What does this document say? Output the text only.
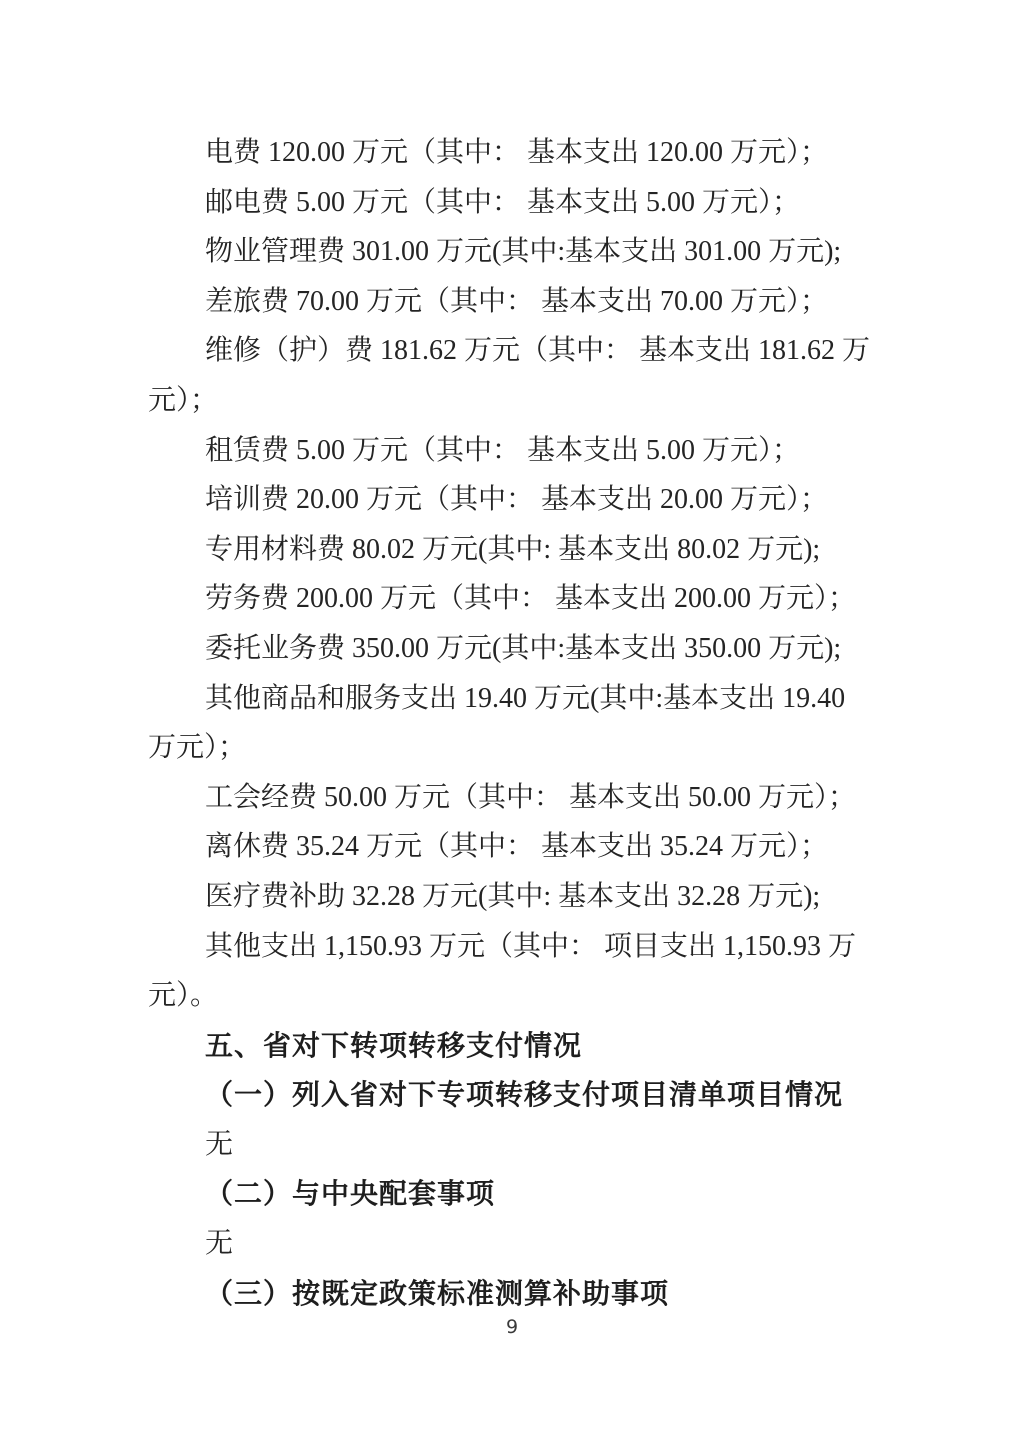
电费 120.00 万元（其中： 基本支出 120.00 万元）；
邮电费 5.00 万元（其中： 基本支出 5.00 万元）；
物业管理费 301.00 万元(其中:基本支出 301.00 万元);
差旅费 70.00 万元（其中： 基本支出 70.00 万元）；
维修（护）费 181.62 万元（其中： 基本支出 181.62 万
元）；
租赁费 5.00 万元（其中： 基本支出 5.00 万元）；
培训费 20.00 万元（其中： 基本支出 20.00 万元）；
专用材料费 80.02 万元(其中: 基本支出 80.02 万元);
劳务费 200.00 万元（其中： 基本支出 200.00 万元）；
委托业务费 350.00 万元(其中:基本支出 350.00 万元);
其他商品和服务支出 19.40 万元(其中:基本支出 19.40
万元）；
工会经费 50.00 万元（其中： 基本支出 50.00 万元）；
离休费 35.24 万元（其中： 基本支出 35.24 万元）；
医疗费补助 32.28 万元(其中: 基本支出 32.28 万元);
其他支出 1,150.93 万元（其中： 项目支出 1,150.93 万
元）。
五、省对下转项转移支付情况
（一）列入省对下专项转移支付项目清单项目情况
无
（二）与中央配套事项
无
（三）按既定政策标准测算补助事项
9
